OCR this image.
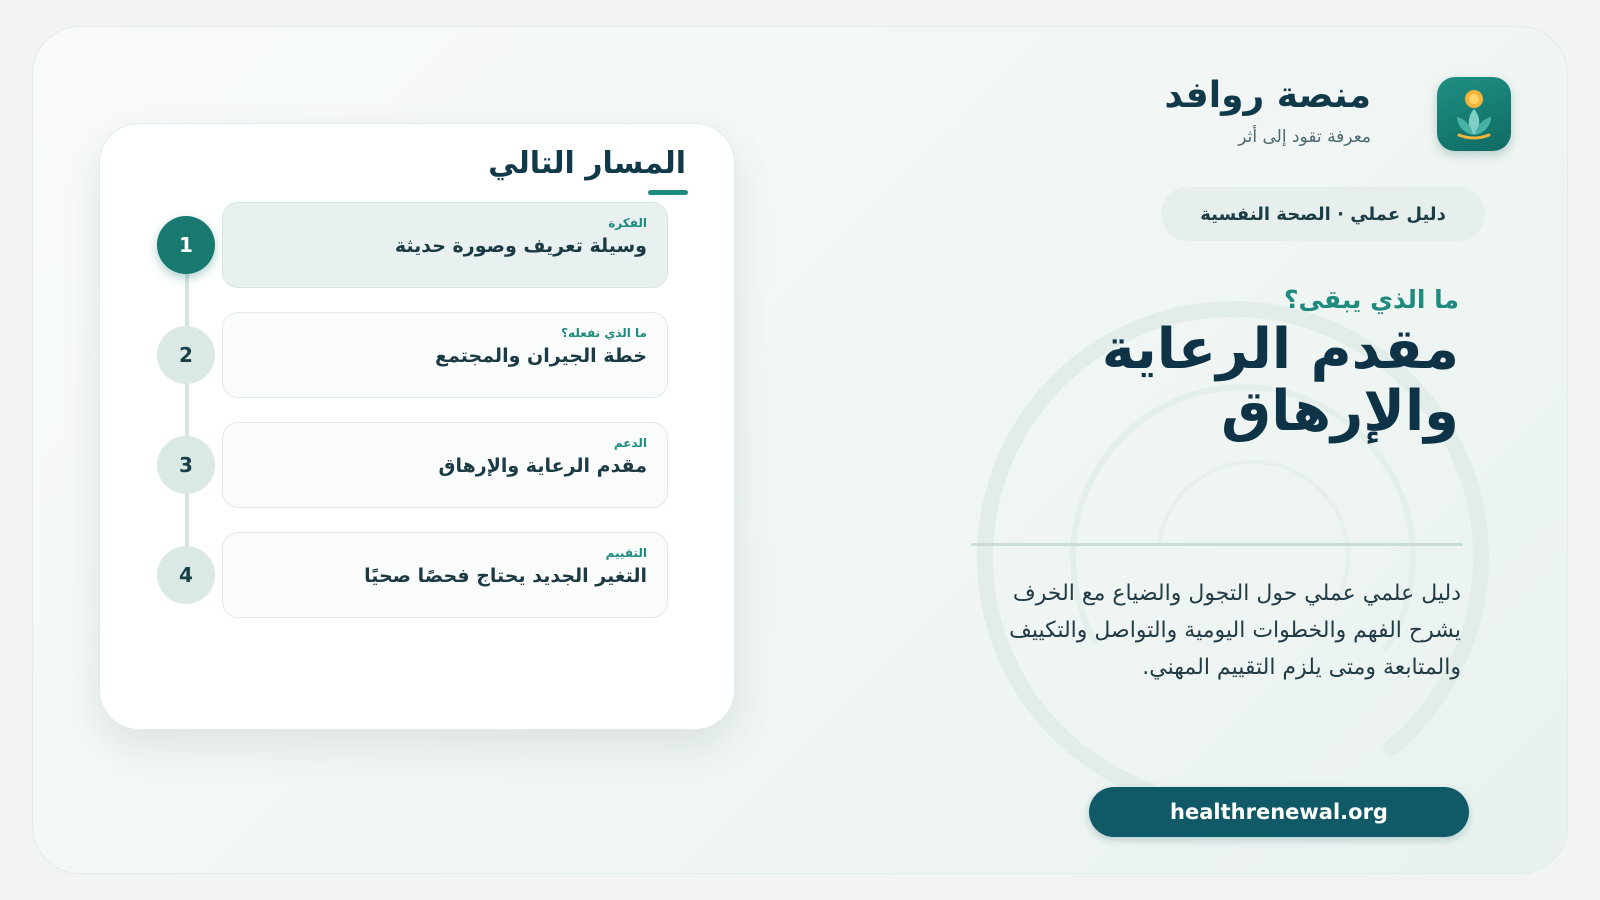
منصة روافد
معرفة تقود إلى أثر
دليل عملي · الصحة النفسية
ما الذي يبقى؟
مقدم الرعاية والإرهاق
دليل علمي عملي حول التجول والضياع مع الخرف يشرح الفهم والخطوات اليومية والتواصل والتكييف والمتابعة ومتى يلزم التقييم المهني.
healthrenewal.org
المسار التالي
1
الفكرة
وسيلة تعريف وصورة حديثة
2
ما الذي نفعله؟
خطة الجيران والمجتمع
3
الدعم
مقدم الرعاية والإرهاق
4
التقييم
التغير الجديد يحتاج فحصًا صحيًا
